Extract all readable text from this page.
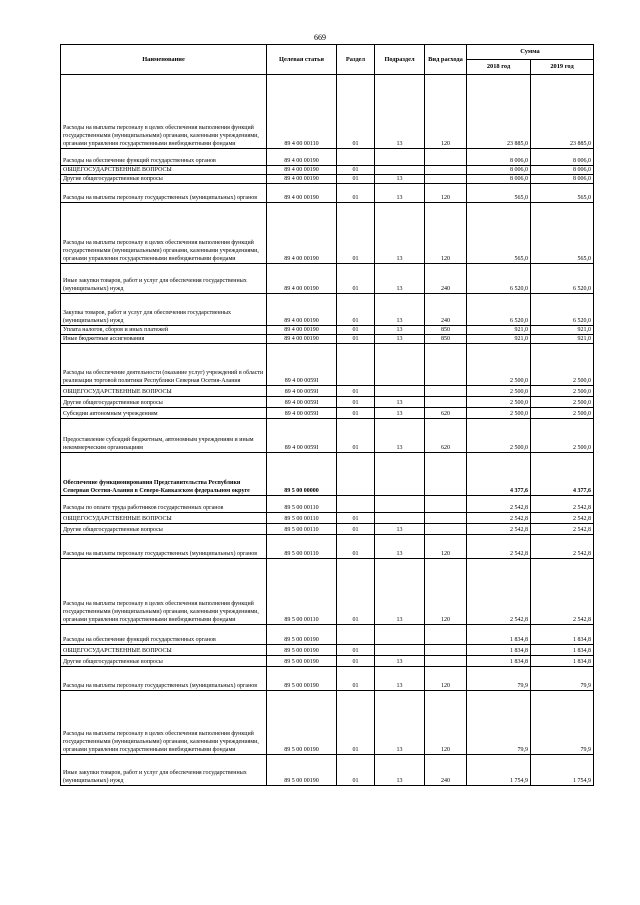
669
Наименование	Целевая статья	Раздел	Подраздел	Вид расхода	Сумма	
					2018 год	2019 год
Расходы на выплаты персоналу в целях обеспечения выполнения функций государственными (муниципальными) органами, казенными учреждениями, органами управления государственными внебюджетными фондами	89 4 00 00110	01	13	120	23 885,0	23 885,0
Расходы на обеспечение функций государственных органов	89 4 00 00190				8 006,0	8 006,0
ОБЩЕГОСУДАРСТВЕННЫЕ ВОПРОСЫ	89 4 00 00190	01			8 006,0	8 006,0
Другие общегосударственные вопросы	89 4 00 00190	01	13		8 006,0	8 006,0
Расходы на выплаты персоналу государственных (муниципальных) органов	89 4 00 00190	01	13	120	565,0	565,0
Расходы на выплаты персоналу в целях обеспечения выполнения функций государственными (муниципальными) органами, казенными учреждениями, органами управления государственными внебюджетными фондами	89 4 00 00190	01	13	120	565,0	565,0
Иные закупки товаров, работ и услуг для обеспечения государственных (муниципальных) нужд	89 4 00 00190	01	13	240	6 520,0	6 520,0
Закупка товаров, работ и услуг для обеспечения государственных (муниципальных) нужд	89 4 00 00190	01	13	240	6 520,0	6 520,0
Уплата налогов, сборов и иных платежей	89 4 00 00190	01	13	850	921,0	921,0
Иные бюджетные ассигнования	89 4 00 00190	01	13	850	921,0	921,0
Расходы на обеспечение деятельности (оказание услуг) учреждений в области реализации торговой политики Республики Северная Осетия-Алания	89 4 00 0059I				2 500,0	2 500,0
ОБЩЕГОСУДАРСТВЕННЫЕ ВОПРОСЫ	89 4 00 0059I	01			2 500,0	2 500,0
Другие общегосударственные вопросы	89 4 00 0059I	01	13		2 500,0	2 500,0
Субсидии автономным учреждениям	89 4 00 0059I	01	13	620	2 500,0	2 500,0
Предоставление субсидий бюджетным, автономным учреждениям и иным некоммерческим организациям	89 4 00 0059I	01	13	620	2 500,0	2 500,0
Обеспечение функционирования Представительства Республики Северная Осетия-Алания в Северо-Кавказском федеральном округе	89 5 00 00000				4 377,6	4 377,6
Расходы по оплате труда работников государственных органов	89 5 00 00110				2 542,8	2 542,8
ОБЩЕГОСУДАРСТВЕННЫЕ ВОПРОСЫ	89 5 00 00110	01			2 542,8	2 542,8
Другие общегосударственные вопросы	89 5 00 00110	01	13		2 542,8	2 542,8
Расходы на выплаты персоналу государственных (муниципальных) органов	89 5 00 00110	01	13	120	2 542,8	2 542,8
Расходы на выплаты персоналу в целях обеспечения выполнения функций государственными (муниципальными) органами, казенными учреждениями, органами управления государственными внебюджетными фондами	89 5 00 00110	01	13	120	2 542,8	2 542,8
Расходы на обеспечение функций государственных органов	89 5 00 00190				1 834,8	1 834,8
ОБЩЕГОСУДАРСТВЕННЫЕ ВОПРОСЫ	89 5 00 00190	01			1 834,8	1 834,8
Другие общегосударственные вопросы	89 5 00 00190	01	13		1 834,8	1 834,8
Расходы на выплаты персоналу государственных (муниципальных) органов	89 5 00 00190	01	13	120	79,9	79,9
Расходы на выплаты персоналу в целях обеспечения выполнения функций государственными (муниципальными) органами, казенными учреждениями, органами управления государственными внебюджетными фондами	89 5 00 00190	01	13	120	79,9	79,9
Иные закупки товаров, работ и услуг для обеспечения государственных (муниципальных) нужд	89 5 00 00190	01	13	240	1 754,9	1 754,9
